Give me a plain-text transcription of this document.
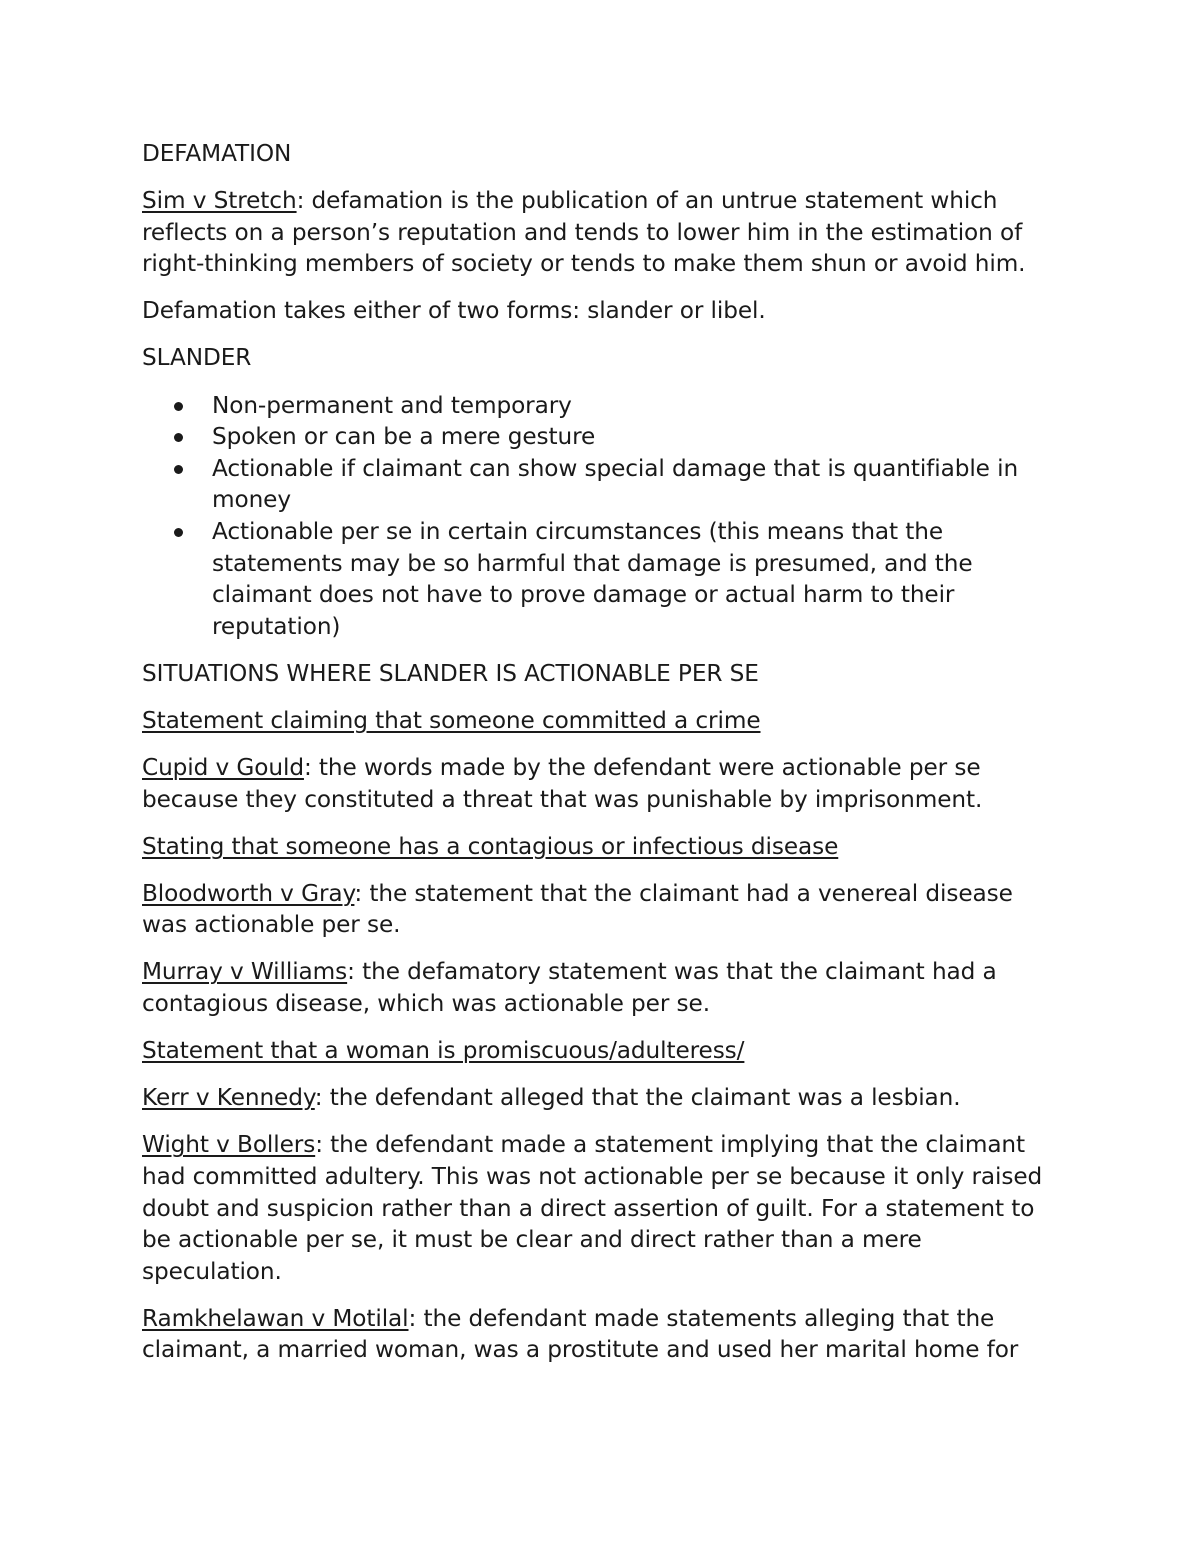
DEFAMATION

Sim v Stretch: defamation is the publication of an untrue statement which reflects on a person’s reputation and tends to lower him in the estimation of right-thinking members of society or tends to make them shun or avoid him.

Defamation takes either of two forms: slander or libel.

SLANDER

Non-permanent and temporary
Spoken or can be a mere gesture
Actionable if claimant can show special damage that is quantifiable in money
Actionable per se in certain circumstances (this means that the statements may be so harmful that damage is presumed, and the claimant does not have to prove damage or actual harm to their reputation)

SITUATIONS WHERE SLANDER IS ACTIONABLE PER SE

Statement claiming that someone committed a crime

Cupid v Gould: the words made by the defendant were actionable per se because they constituted a threat that was punishable by imprisonment.

Stating that someone has a contagious or infectious disease

Bloodworth v Gray: the statement that the claimant had a venereal disease was actionable per se.

Murray v Williams: the defamatory statement was that the claimant had a contagious disease, which was actionable per se.

Statement that a woman is promiscuous/adulteress/

Kerr v Kennedy: the defendant alleged that the claimant was a lesbian.

Wight v Bollers: the defendant made a statement implying that the claimant had committed adultery. This was not actionable per se because it only raised doubt and suspicion rather than a direct assertion of guilt. For a statement to be actionable per se, it must be clear and direct rather than a mere speculation.

Ramkhelawan v Motilal: the defendant made statements alleging that the claimant, a married woman, was a prostitute and used her marital home for
